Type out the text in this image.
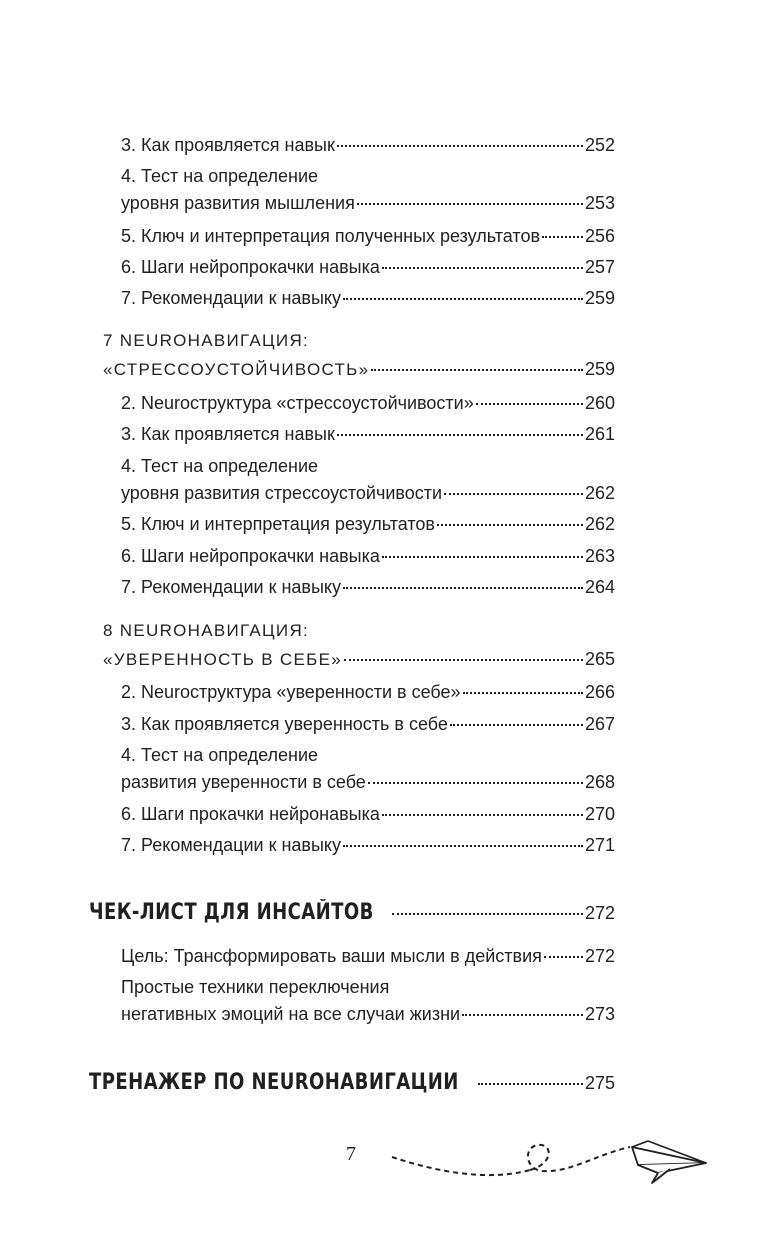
3. Как проявляется навык	252
4. Тест на определение
уровня развития мышления	253
5. Ключ и интерпретация полученных результатов 256
6. Шаги нейропрокачки навыка	257
7. Рекомендации к навыку	259
7 NEURОНАВИГАЦИЯ:
«СТРЕССОУСТОЙЧИВОСТЬ»	259
2. Neurоструктура «стрессоустойчивости»	260
3. Как проявляется навык	261
4. Тест на определение
уровня развития стрессоустойчивости	262
5. Ключ и интерпретация результатов	262
6. Шаги нейропрокачки навыка	263
7. Рекомендации к навыку	264
8 NEURОНАВИГАЦИЯ:
«УВЕРЕННОСТЬ В СЕБЕ»	265
2. Neurоструктура «уверенности в себе»	266
3. Как проявляется уверенность в себе	267
4. Тест на определение
развития уверенности в себе	268
6. Шаги прокачки нейронавыка	270
7. Рекомендации к навыку	271
ЧЕК-ЛИСТ ДЛЯ ИНСАЙТОВ	272
Цель: Трансформировать ваши мысли в действия 272
Простые техники переключения
негативных эмоций на все случаи жизни	273
ТРЕНАЖЕР ПО NEURОНАВИГАЦИИ	275
7
